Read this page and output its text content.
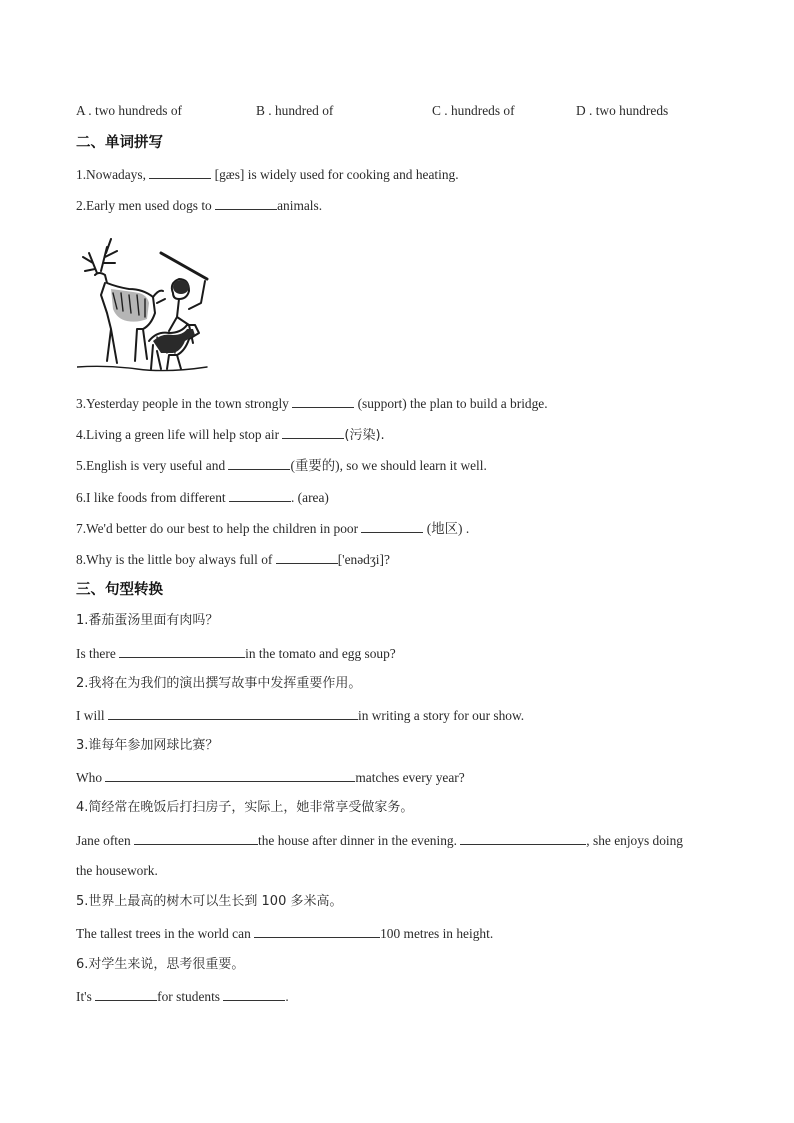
A . two hundreds of	B . hundred of	C . hundreds of	D . two hundreds
二、单词拼写
1.Nowadays,	[gæs] is widely used for cooking and heating.
2.Early men used dogs to	animals.
3.Yesterday people in the town strongly	(support) the plan to build a bridge.
4.Living a green life will help stop air	(污染).
5.English is very useful and	(重要的), so we should learn it well.
6.I like foods from different	. (area)
7.We'd better do our best to help the children in poor	(地区) .
8.Why is the little boy always full of	['enədʒi]?
三、句型转换
1.番茄蛋汤里面有肉吗？
Is there	in the tomato and egg soup?
2.我将在为我们的演出撰写故事中发挥重要作用。
I will	in writing a story for our show.
3.谁每年参加网球比赛？
Who	matches every year?
4.简经常在晚饭后打扫房子，实际上，她非常享受做家务。
Jane often	the house after dinner in the evening.	, she enjoys doing
the housework.
5.世界上最高的树木可以生长到 100 多米高。
The tallest trees in the world can	100 metres in height.
6.对学生来说，思考很重要。
It's	for students	.
